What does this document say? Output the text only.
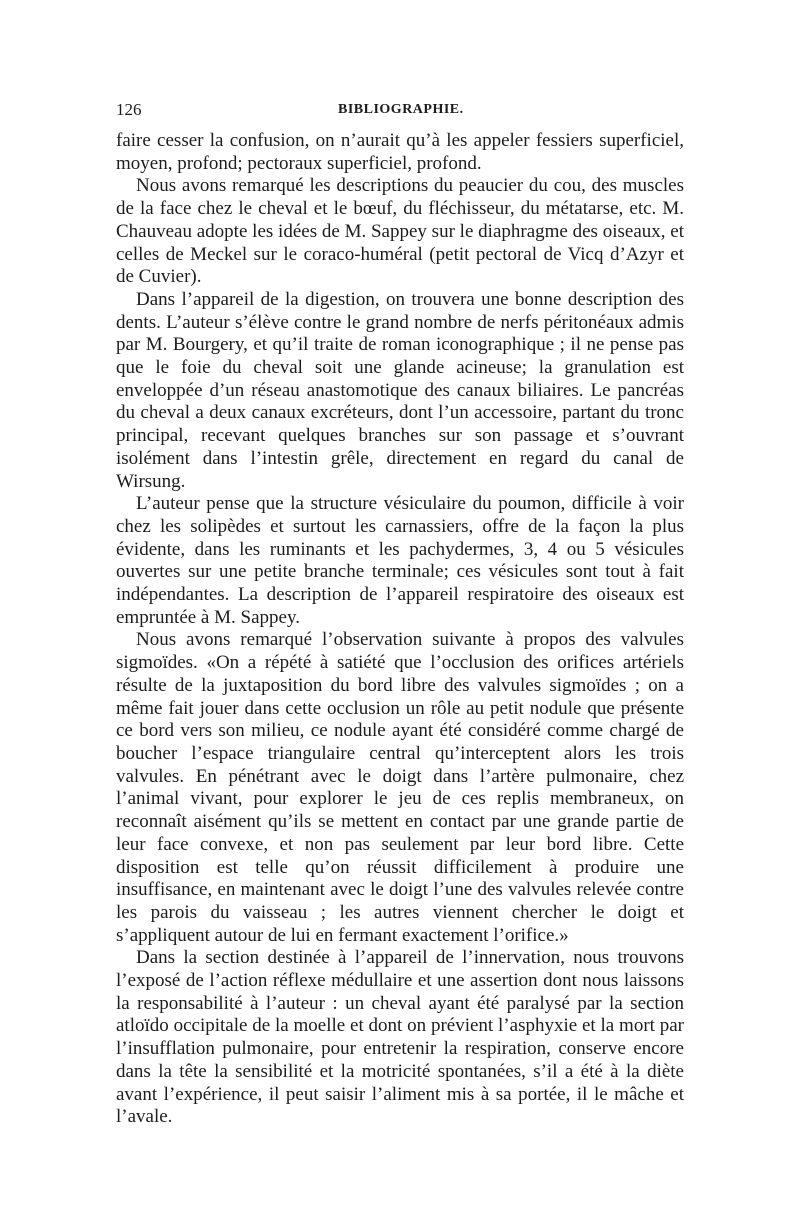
126	BIBLIOGRAPHIE.

faire cesser la confusion, on n’aurait qu’à les appeler fessiers superficiel, moyen, profond; pectoraux superficiel, profond.

Nous avons remarqué les descriptions du peaucier du cou, des muscles de la face chez le cheval et le bœuf, du fléchisseur, du métatarse, etc. M. Chauveau adopte les idées de M. Sappey sur le diaphragme des oiseaux, et celles de Meckel sur le coraco-huméral (petit pectoral de Vicq d’Azyr et de Cuvier).

Dans l’appareil de la digestion, on trouvera une bonne description des dents. L’auteur s’élève contre le grand nombre de nerfs péritonéaux admis par M. Bourgery, et qu’il traite de roman iconographique ; il ne pense pas que le foie du cheval soit une glande acineuse; la granulation est enveloppée d’un réseau anastomotique des canaux biliaires. Le pancréas du cheval a deux canaux excréteurs, dont l’un accessoire, partant du tronc principal, recevant quelques branches sur son passage et s’ouvrant isolément dans l’intestin grêle, directement en regard du canal de Wirsung.

L’auteur pense que la structure vésiculaire du poumon, difficile à voir chez les solipèdes et surtout les carnassiers, offre de la façon la plus évidente, dans les ruminants et les pachydermes, 3, 4 ou 5 vésicules ouvertes sur une petite branche terminale; ces vésicules sont tout à fait indépendantes. La description de l’appareil respiratoire des oiseaux est empruntée à M. Sappey.

Nous avons remarqué l’observation suivante à propos des valvules sigmoïdes. «On a répété à satiété que l’occlusion des orifices artériels résulte de la juxtaposition du bord libre des valvules sigmoïdes ; on a même fait jouer dans cette occlusion un rôle au petit nodule que présente ce bord vers son milieu, ce nodule ayant été considéré comme chargé de boucher l’espace triangulaire central qu’interceptent alors les trois valvules. En pénétrant avec le doigt dans l’artère pulmonaire, chez l’animal vivant, pour explorer le jeu de ces replis membraneux, on reconnaît aisément qu’ils se mettent en contact par une grande partie de leur face convexe, et non pas seulement par leur bord libre. Cette disposition est telle qu’on réussit difficilement à produire une insuffisance, en maintenant avec le doigt l’une des valvules relevée contre les parois du vaisseau ; les autres viennent chercher le doigt et s’appliquent autour de lui en fermant exactement l’orifice.»

Dans la section destinée à l’appareil de l’innervation, nous trouvons l’exposé de l’action réflexe médullaire et une assertion dont nous laissons la responsabilité à l’auteur : un cheval ayant été paralysé par la section atloïdo occipitale de la moelle et dont on prévient l’asphyxie et la mort par l’insufflation pulmonaire, pour entretenir la respiration, conserve encore dans la tête la sensibilité et la motricité spontanées, s’il a été à la diète avant l’expérience, il peut saisir l’aliment mis à sa portée, il le mâche et l’avale.
